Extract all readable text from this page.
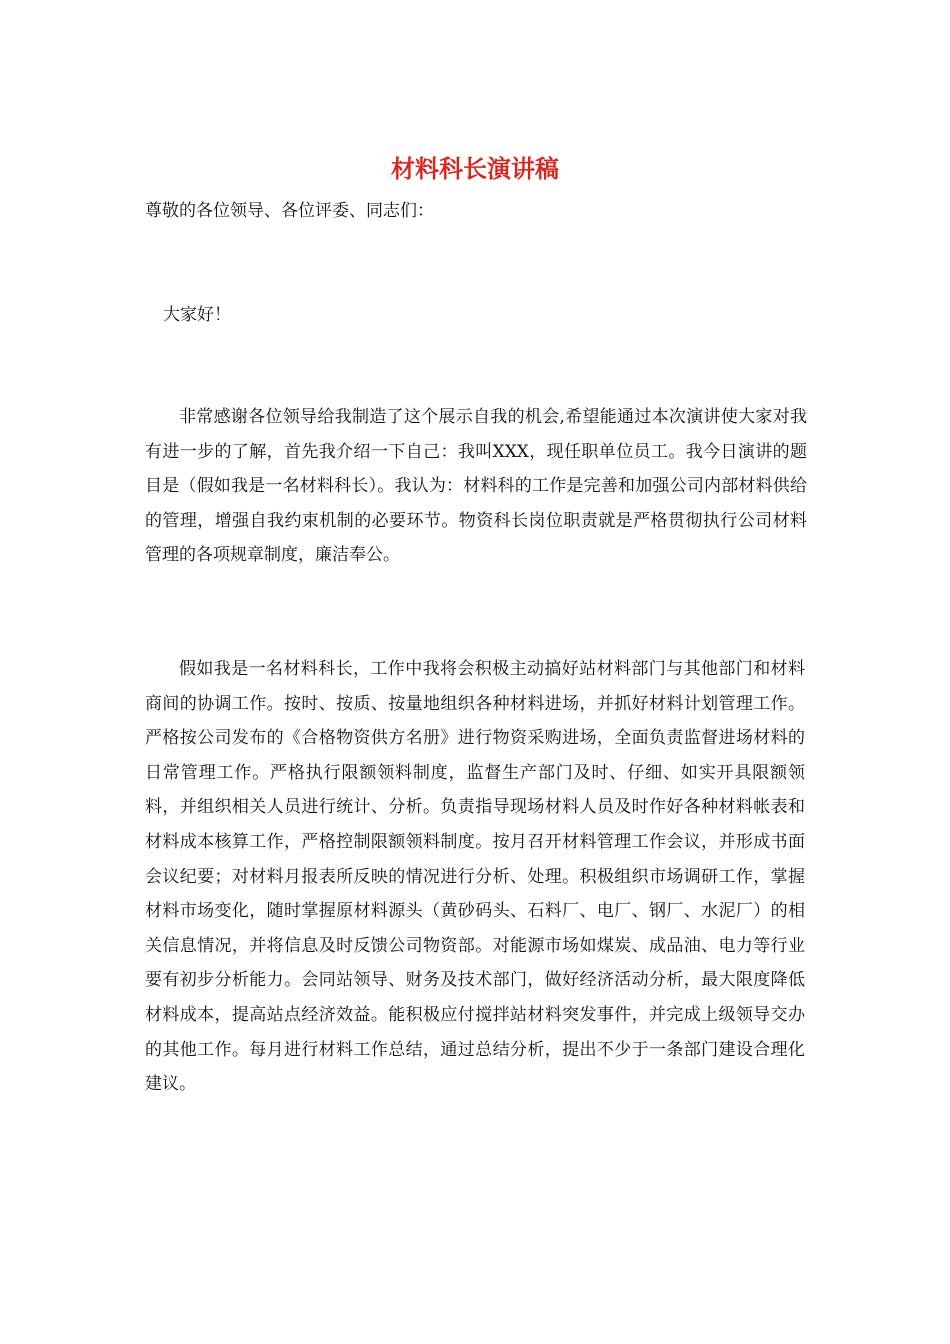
材料科长演讲稿

尊敬的各位领导、各位评委、同志们：

大家好！

非常感谢各位领导给我制造了这个展示自我的机会,希望能通过本次演讲使大家对我有进一步的了解，首先我介绍一下自己：我叫XXX，现任职单位员工。我今日演讲的题目是（假如我是一名材料科长）。我认为：材料科的工作是完善和加强公司内部材料供给的管理，增强自我约束机制的必要环节。物资科长岗位职责就是严格贯彻执行公司材料管理的各项规章制度，廉洁奉公。

假如我是一名材料科长，工作中我将会积极主动搞好站材料部门与其他部门和材料商间的协调工作。按时、按质、按量地组织各种材料进场，并抓好材料计划管理工作。严格按公司发布的《合格物资供方名册》进行物资采购进场，全面负责监督进场材料的日常管理工作。严格执行限额领料制度，监督生产部门及时、仔细、如实开具限额领料，并组织相关人员进行统计、分析。负责指导现场材料人员及时作好各种材料帐表和材料成本核算工作，严格控制限额领料制度。按月召开材料管理工作会议，并形成书面会议纪要；对材料月报表所反映的情况进行分析、处理。积极组织市场调研工作，掌握材料市场变化，随时掌握原材料源头（黄砂码头、石料厂、电厂、钢厂、水泥厂）的相关信息情况，并将信息及时反馈公司物资部。对能源市场如煤炭、成品油、电力等行业要有初步分析能力。会同站领导、财务及技术部门，做好经济活动分析，最大限度降低材料成本，提高站点经济效益。能积极应付搅拌站材料突发事件，并完成上级领导交办的其他工作。每月进行材料工作总结，通过总结分析，提出不少于一条部门建设合理化建议。
